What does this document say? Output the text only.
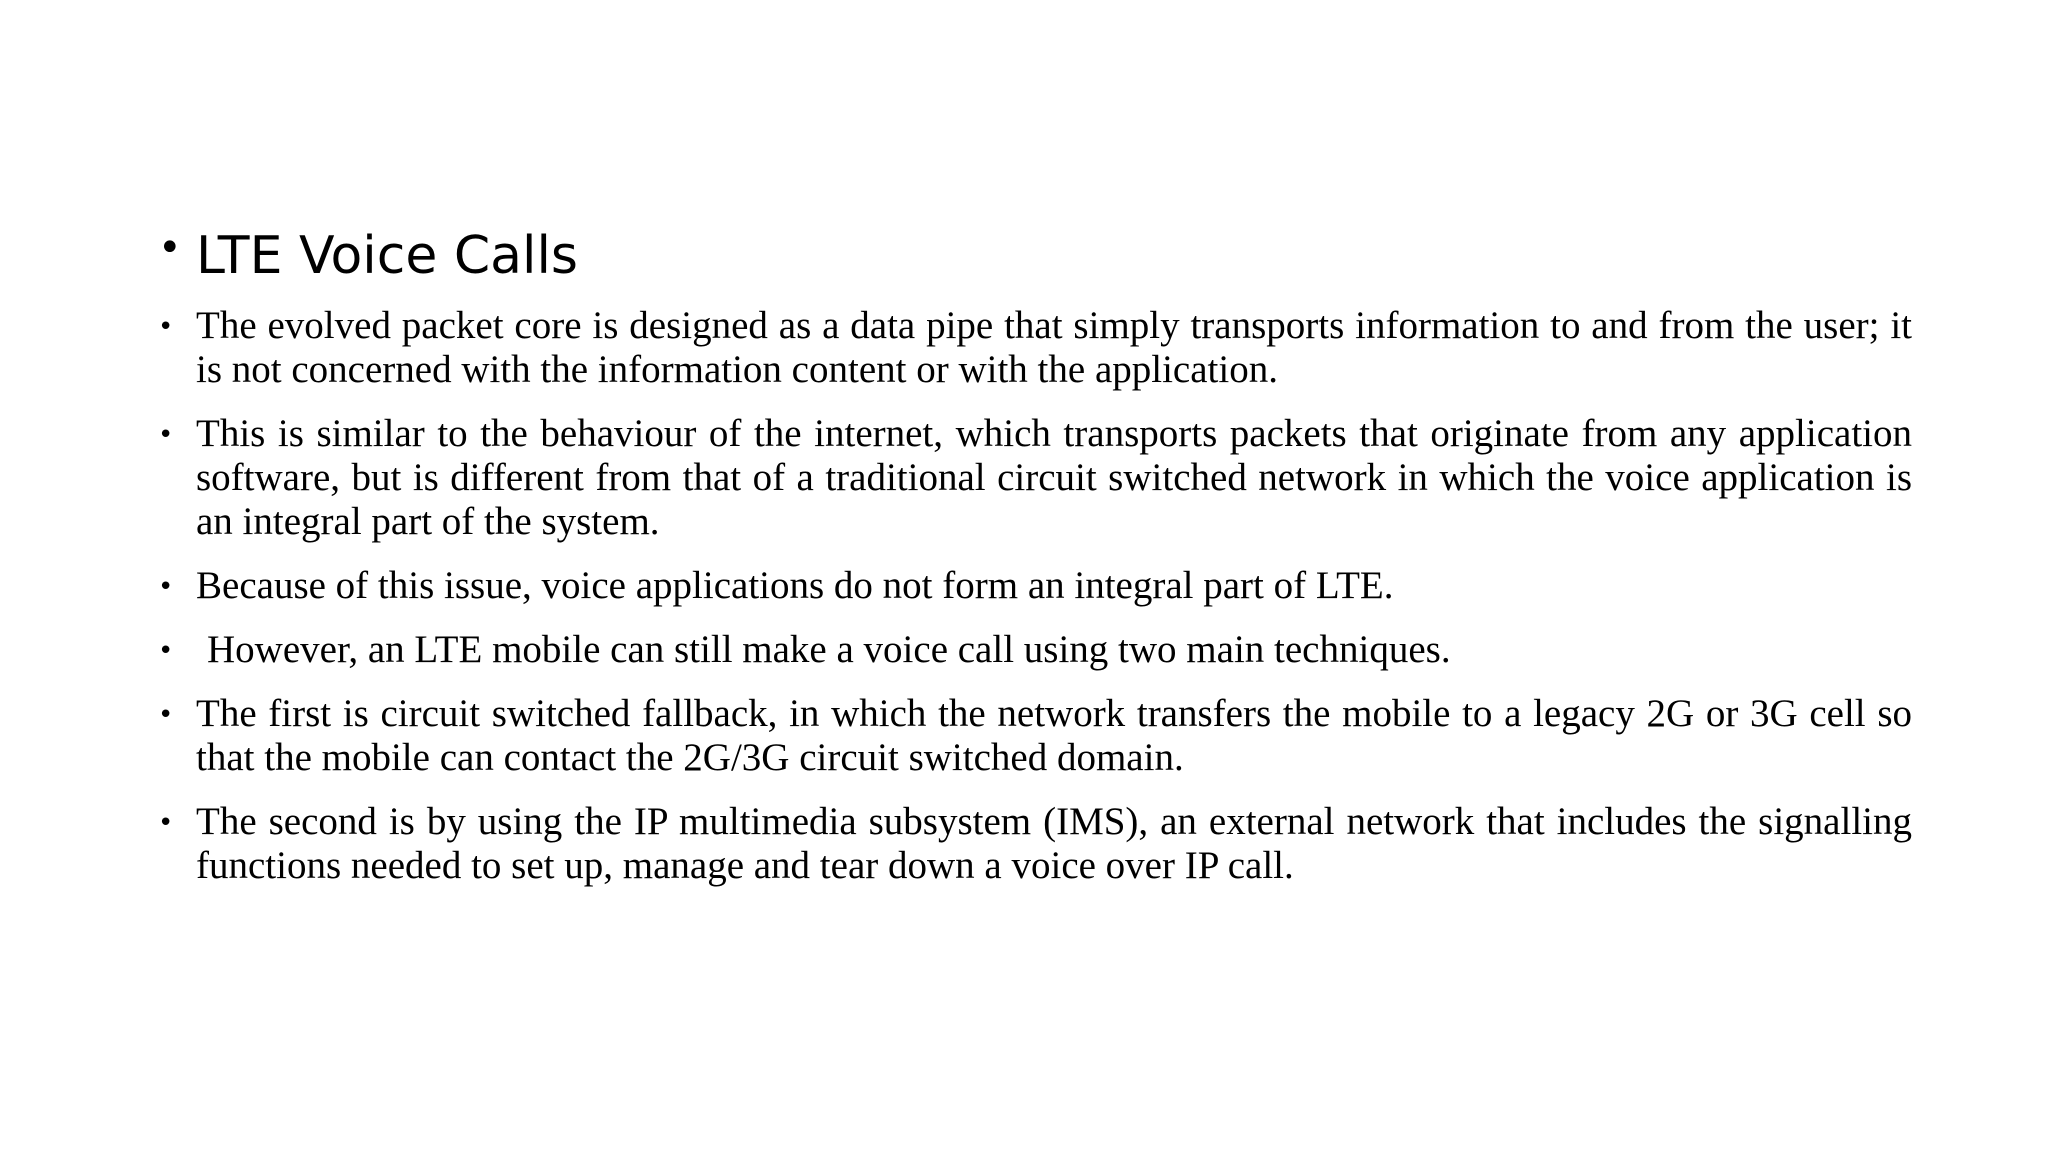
• LTE Voice Calls
• The evolved packet core is designed as a data pipe that simply transports information to and from the user; it is not concerned with the information content or with the application.
• This is similar to the behaviour of the internet, which transports packets that originate from any application software, but is different from that of a traditional circuit switched network in which the voice application is an integral part of the system.
• Because of this issue, voice applications do not form an integral part of LTE.
• However, an LTE mobile can still make a voice call using two main techniques.
• The first is circuit switched fallback, in which the network transfers the mobile to a legacy 2G or 3G cell so that the mobile can contact the 2G/3G circuit switched domain.
• The second is by using the IP multimedia subsystem (IMS), an external network that includes the signalling functions needed to set up, manage and tear down a voice over IP call.
